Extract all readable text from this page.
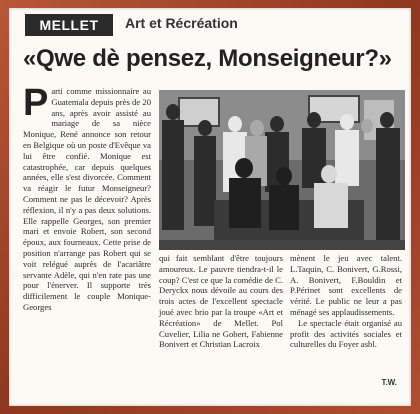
MELLET	Art et Récréation
«Qwe dè pensez, Monseigneur?»
P arti comme missionnaire au Guatemala depuis près de 20 ans, après avoir assisté au mariage de sa nièce Monique, René annonce son retour en Belgique où un poste d'Evêque va lui être confié. Monique est catastrophée, car depuis quelques années, elle s'est divorcée. Comment va réagir le futur Monseigneur? Comment ne pas le décevoir? Après réflexion, il n'y a pas deux solutions. Elle rappelle Georges, son premier mari et envoie Robert, son second époux, aux fourneaux. Cette prise de position n'arrange pas Robert qui se voit relégué auprès de l'acariâtre servante Adèle, qui n'en rate pas une pour l'énerver. Il supporte très difficilement le couple Monique-Georges
qui fait semblant d'être toujours amoureux. Le pauvre tiendra-t-il le coup? C'est ce que la comédie de C. Deryckx nous dévoile au cours des trois actes de l'excellent spectacle joué avec brio par la troupe «Art et Récréation» de Mellet. Pol Cuvelier, Lilia ne Gobert, Fabienne Bonivert et Christian Lacroix
mènent le jeu avec talent. L.Taquin, C. Bonivert, G.Rossi, A. Bonivert, F.Bouldin et P.Périnet sont excellents de vérité. Le public ne leur a pas ménagé ses applaudissements.
Le spectacle était organisé au profit des activités sociales et culturelles du Foyer asbl.
T.W.
